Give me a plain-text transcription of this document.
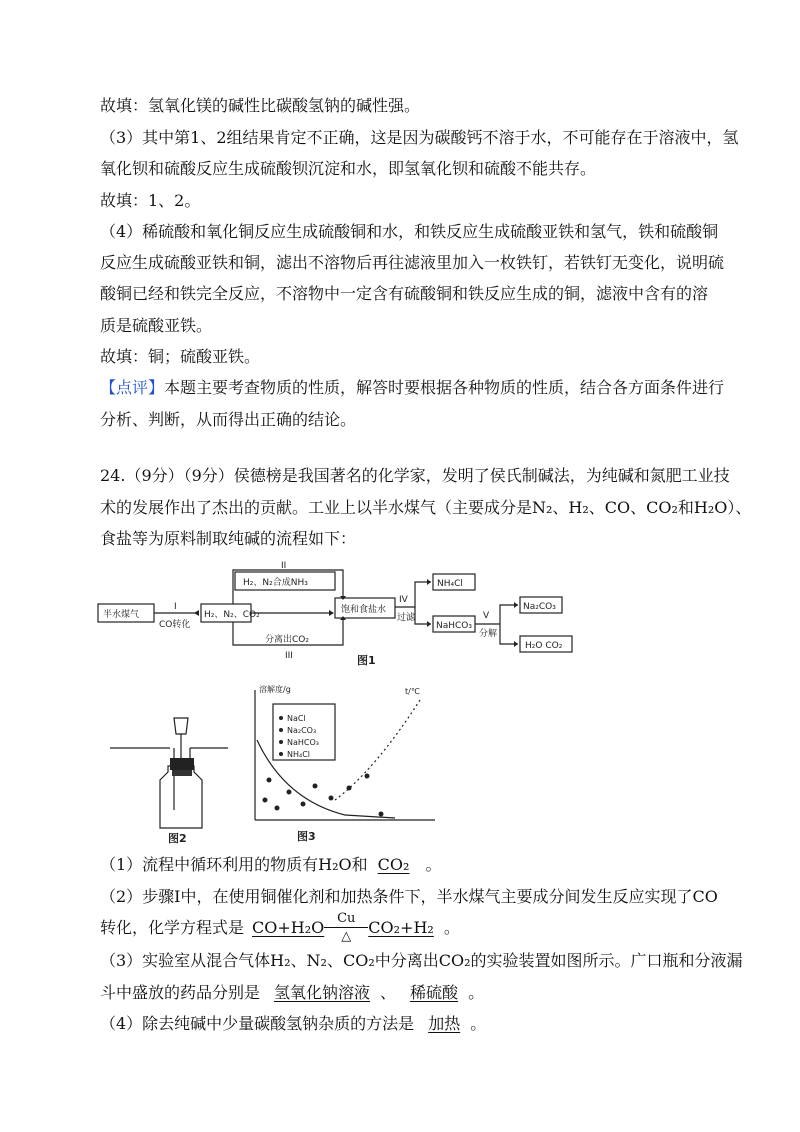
故填：氢氧化镁的碱性比碳酸氢钠的碱性强。
（3）其中第1、2组结果肯定不正确，这是因为碳酸钙不溶于水，不可能存在于溶液中，氢
氧化钡和硫酸反应生成硫酸钡沉淀和水，即氢氧化钡和硫酸不能共存。
故填：1、2。
（4）稀硫酸和氧化铜反应生成硫酸铜和水，和铁反应生成硫酸亚铁和氢气，铁和硫酸铜
反应生成硫酸亚铁和铜，滤出不溶物后再往滤液里加入一枚铁钉，若铁钉无变化，说明硫
酸铜已经和铁完全反应，不溶物中一定含有硫酸铜和铁反应生成的铜，滤液中含有的溶
质是硫酸亚铁。
故填：铜；硫酸亚铁。
【点评】本题主要考查物质的性质，解答时要根据各种物质的性质，结合各方面条件进行
分析、判断，从而得出正确的结论。
24.（9分）（9分）侯德榜是我国著名的化学家，发明了侯氏制碱法，为纯碱和氮肥工业技
术的发展作出了杰出的贡献。工业上以半水煤气（主要成分是N₂、H₂、CO、CO₂和H₂O）、
食盐等为原料制取纯碱的流程如下：
半水煤气
I
CO转化
H₂、N₂、CO₂
H₂、N₂合成NH₃
II
饱和食盐水
IV
过滤
NH₄Cl
NaHCO₃
V
分解
Na₂CO₃
H₂O CO₂
分离出CO₂
III	图1
图2
溶解度/g	t/℃
NaCl
Na₂CO₃
NaHCO₃
NH₄Cl
图3
（1）流程中循环利用的物质有H₂O和 CO₂ 。
（2）步骤Ⅰ中，在使用铜催化剂和加热条件下，半水煤气主要成分间发生反应实现了CO
转化，化学方程式是 $CO+H_2O \frac{Cu}{\triangle} CO_2+H_2$ 。
（3）实验室从混合气体H₂、N₂、CO₂中分离出CO₂的实验装置如图所示。广口瓶和分液漏
斗中盛放的药品分别是 氢氧化钠溶液 、 稀硫酸 。
（4）除去纯碱中少量碳酸氢钠杂质的方法是 加热 。
